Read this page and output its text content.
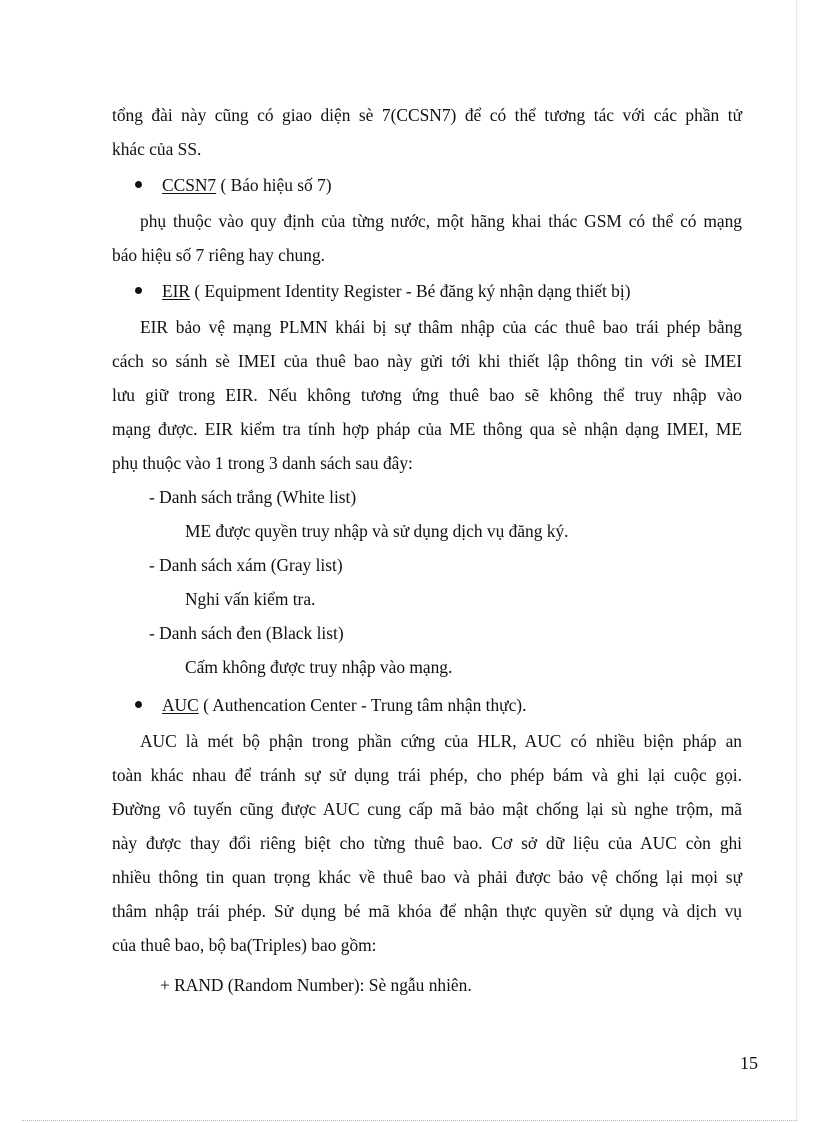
tổng đài này cũng có giao diện sè 7(CCSN7) để có thể tương tác với các phần tử

khác của SS.

CCSN7 ( Báo hiệu số 7)

phụ thuộc vào quy định của từng nước, một hãng khai thác GSM có thể có mạng

báo hiệu số 7 riêng hay chung.

EIR ( Equipment Identity Register - Bé đăng ký nhận dạng thiết bị)

EIR bảo vệ mạng PLMN khái bị sự thâm nhập của các thuê bao trái phép bằng

cách so sánh sè IMEI của thuê bao này gửi tới khi thiết lập thông tin với sè IMEI

lưu giữ trong EIR. Nếu không tương ứng thuê bao sẽ không thể truy nhập vào

mạng được. EIR kiểm tra tính hợp pháp của ME thông qua sè nhận dạng IMEI, ME

phụ thuộc vào 1 trong 3 danh sách sau đây:

- Danh sách trắng (White list)

ME được quyền truy nhập và sử dụng dịch vụ đăng ký.

- Danh sách xám (Gray list)

Nghi vấn kiểm tra.

- Danh sách đen (Black list)

Cấm không được truy nhập vào mạng.

AUC ( Authencation Center - Trung tâm nhận thực).

AUC là mét bộ phận trong phần cứng của HLR, AUC có nhiều biện pháp an

toàn khác nhau để tránh sự sử dụng trái phép, cho phép bám và ghi lại cuộc gọi.

Đường vô tuyến cũng được AUC cung cấp mã bảo mật chống lại sù nghe trộm, mã

này được thay đổi riêng biệt cho từng thuê bao. Cơ sở dữ liệu của AUC còn ghi

nhiều thông tin quan trọng khác về thuê bao và phải được bảo vệ chống lại mọi sự

thâm nhập trái phép. Sử dụng bé mã khóa để nhận thực quyền sử dụng và dịch vụ

của thuê bao, bộ ba(Triples) bao gồm:

+ RAND (Random Number): Sè ngẫu nhiên.

15
